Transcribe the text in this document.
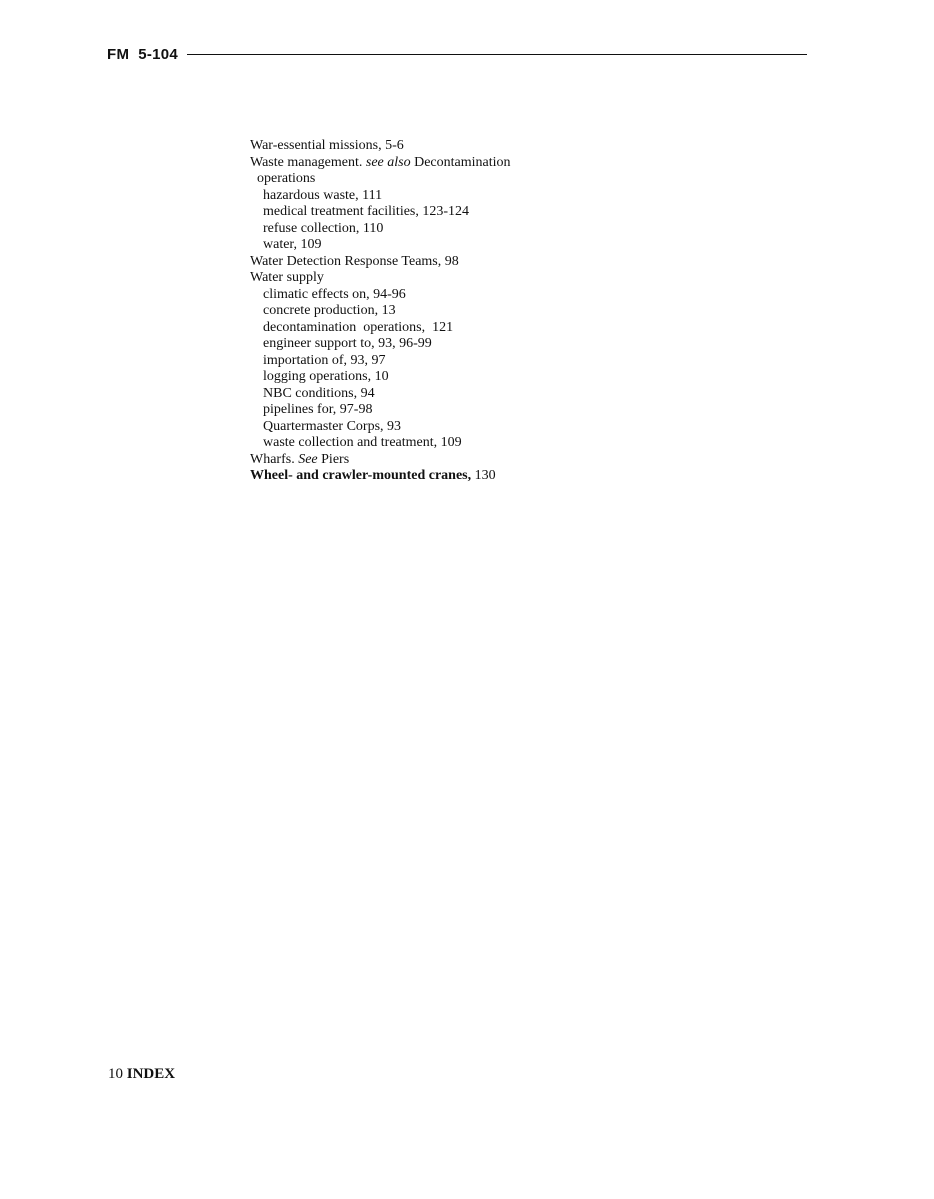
FM  5-104
War-essential missions, 5-6
Waste management. see also Decontamination
operations
hazardous waste, 111
medical treatment facilities, 123-124
refuse collection, 110
water, 109
Water Detection Response Teams, 98
Water supply
climatic effects on, 94-96
concrete production, 13
decontamination  operations,  121
engineer support to, 93, 96-99
importation of, 93, 97
logging operations, 10
NBC conditions, 94
pipelines for, 97-98
Quartermaster Corps, 93
waste collection and treatment, 109
Wharfs. See Piers
Wheel- and crawler-mounted cranes, 130
10 INDEX
